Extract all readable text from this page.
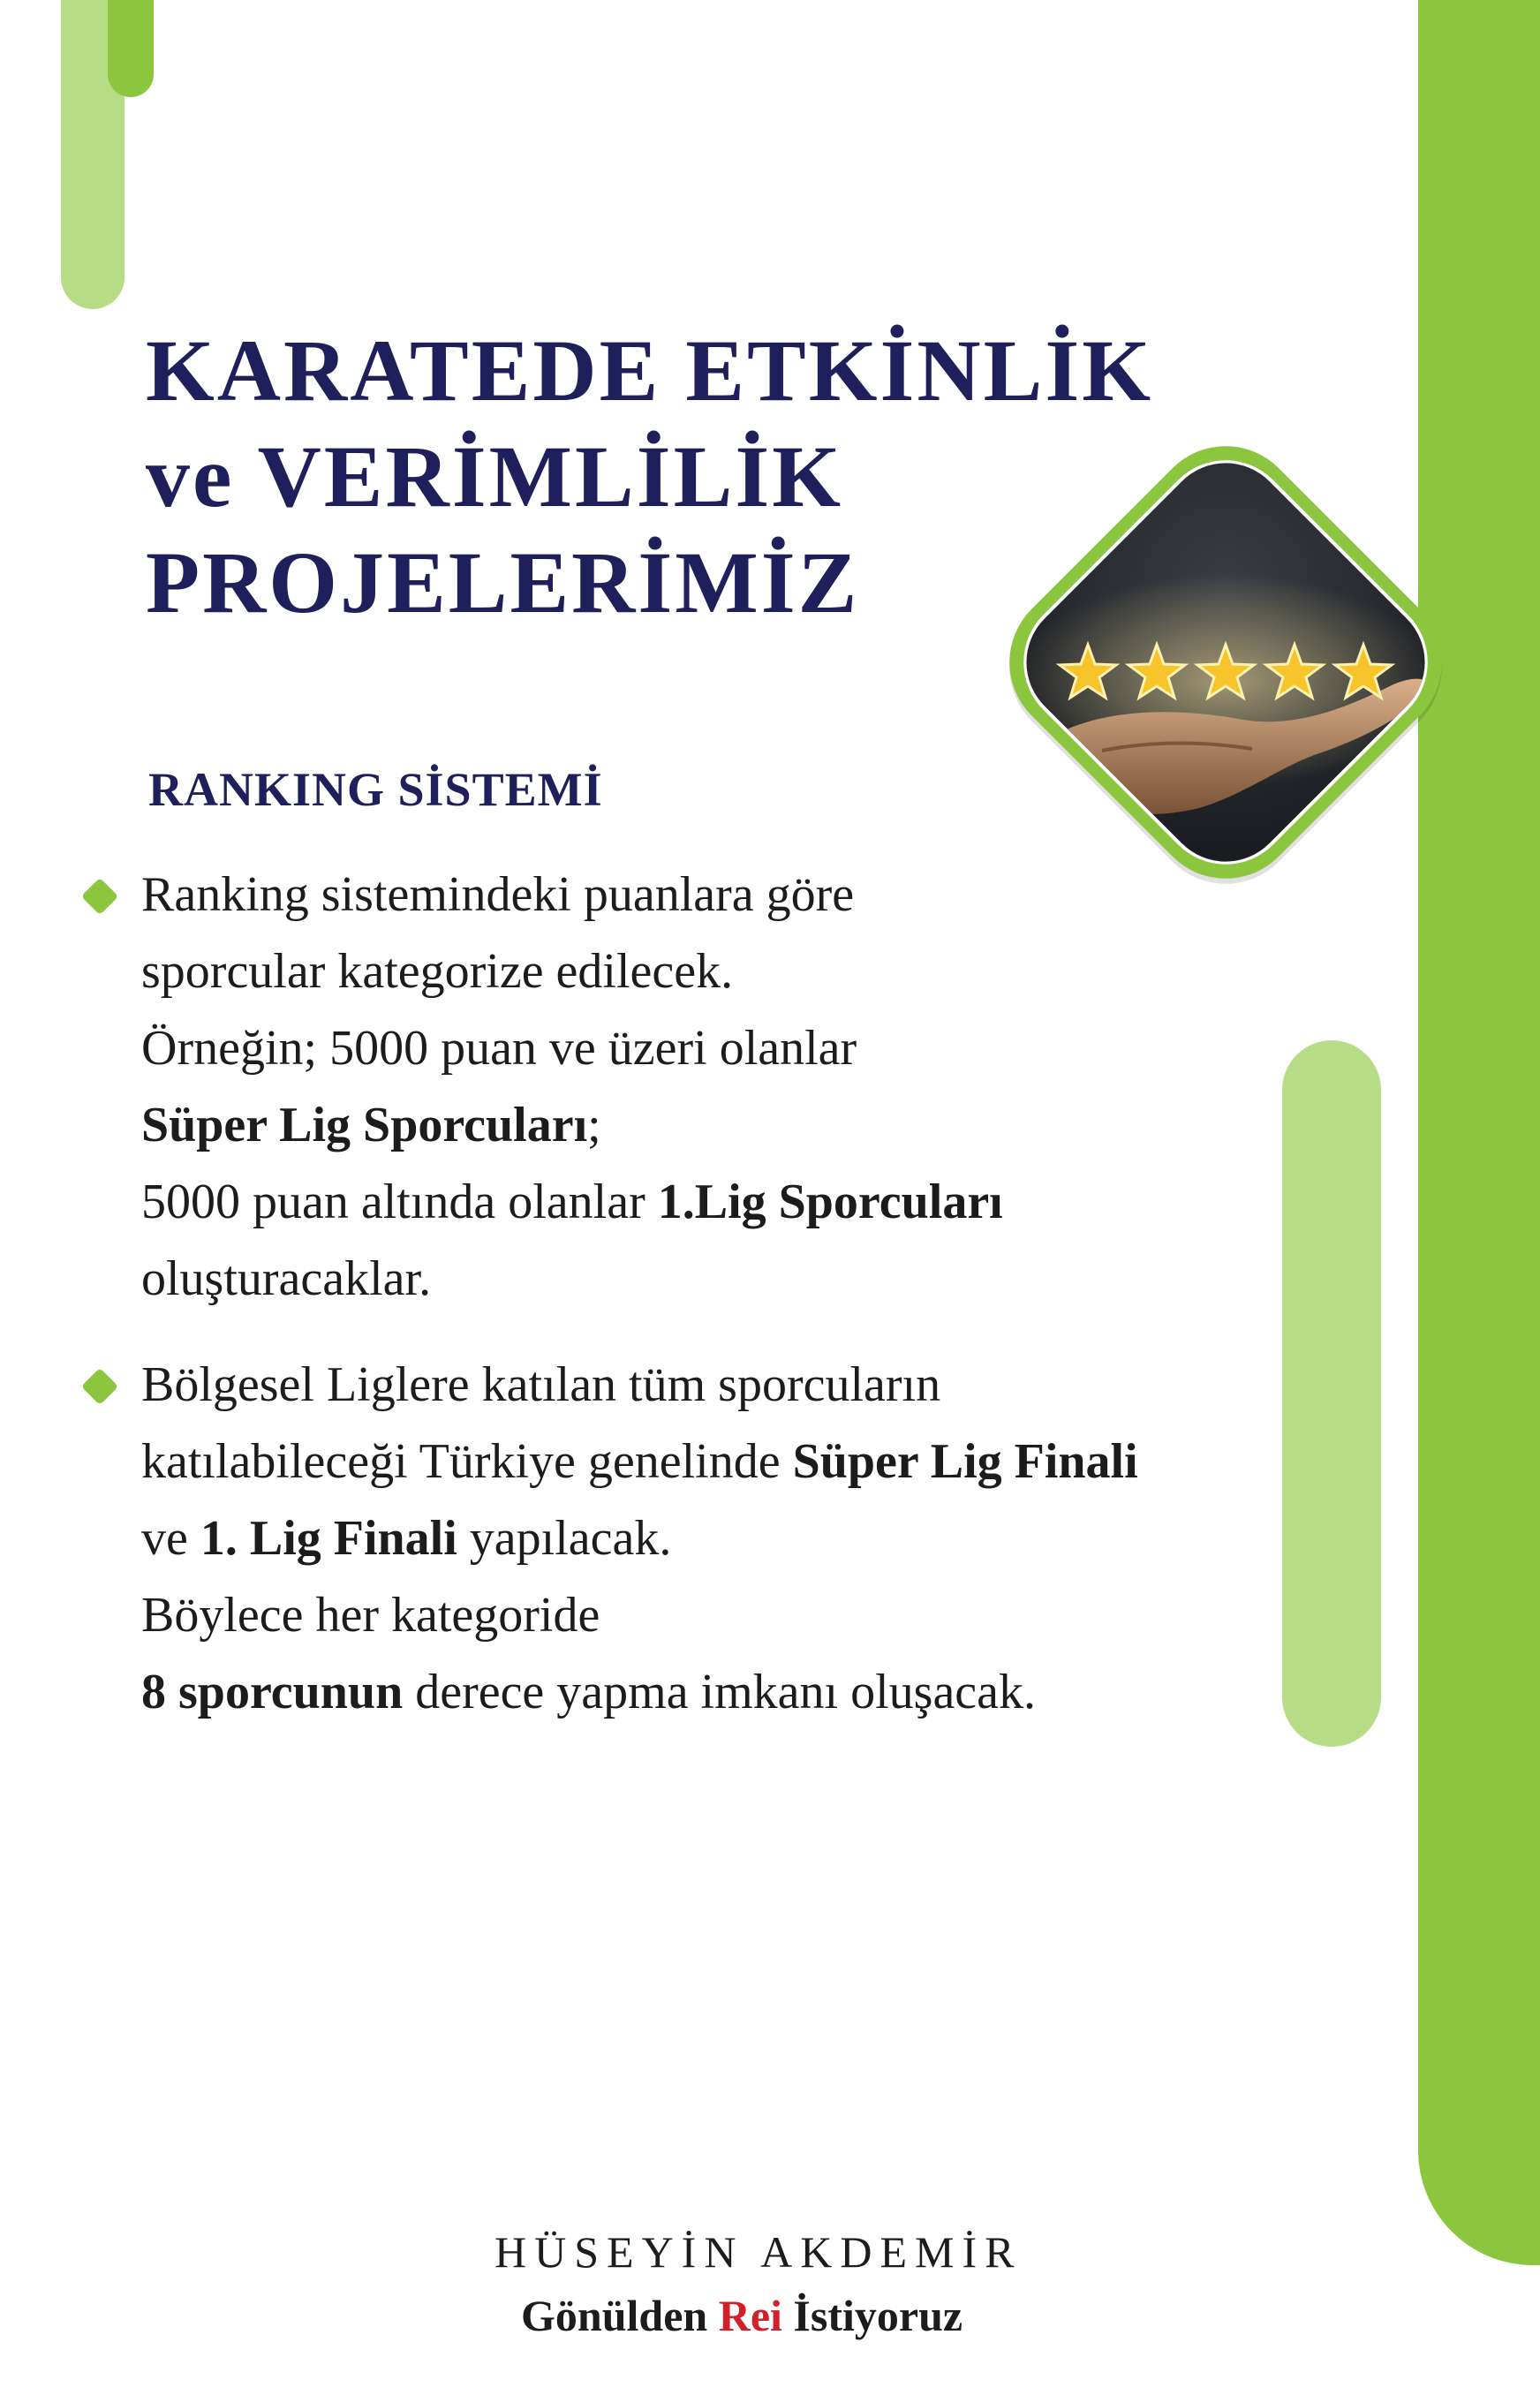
KARATEDE ETKİNLİK
ve VERİMLİLİK
PROJELERİMİZ
RANKING SİSTEMİ
Ranking sistemindeki puanlara göre
sporcular kategorize edilecek.
Örneğin; 5000 puan ve üzeri olanlar
Süper Lig Sporcuları;
5000 puan altında olanlar 1.Lig Sporcuları
oluşturacaklar.
Bölgesel Liglere katılan tüm sporcuların
katılabileceği Türkiye genelinde Süper Lig Finali
ve 1. Lig Finali yapılacak.
Böylece her kategoride
8 sporcunun derece yapma imkanı oluşacak.

HÜSEYİN AKDEMİR

Gönülden Rei İstiyoruz
